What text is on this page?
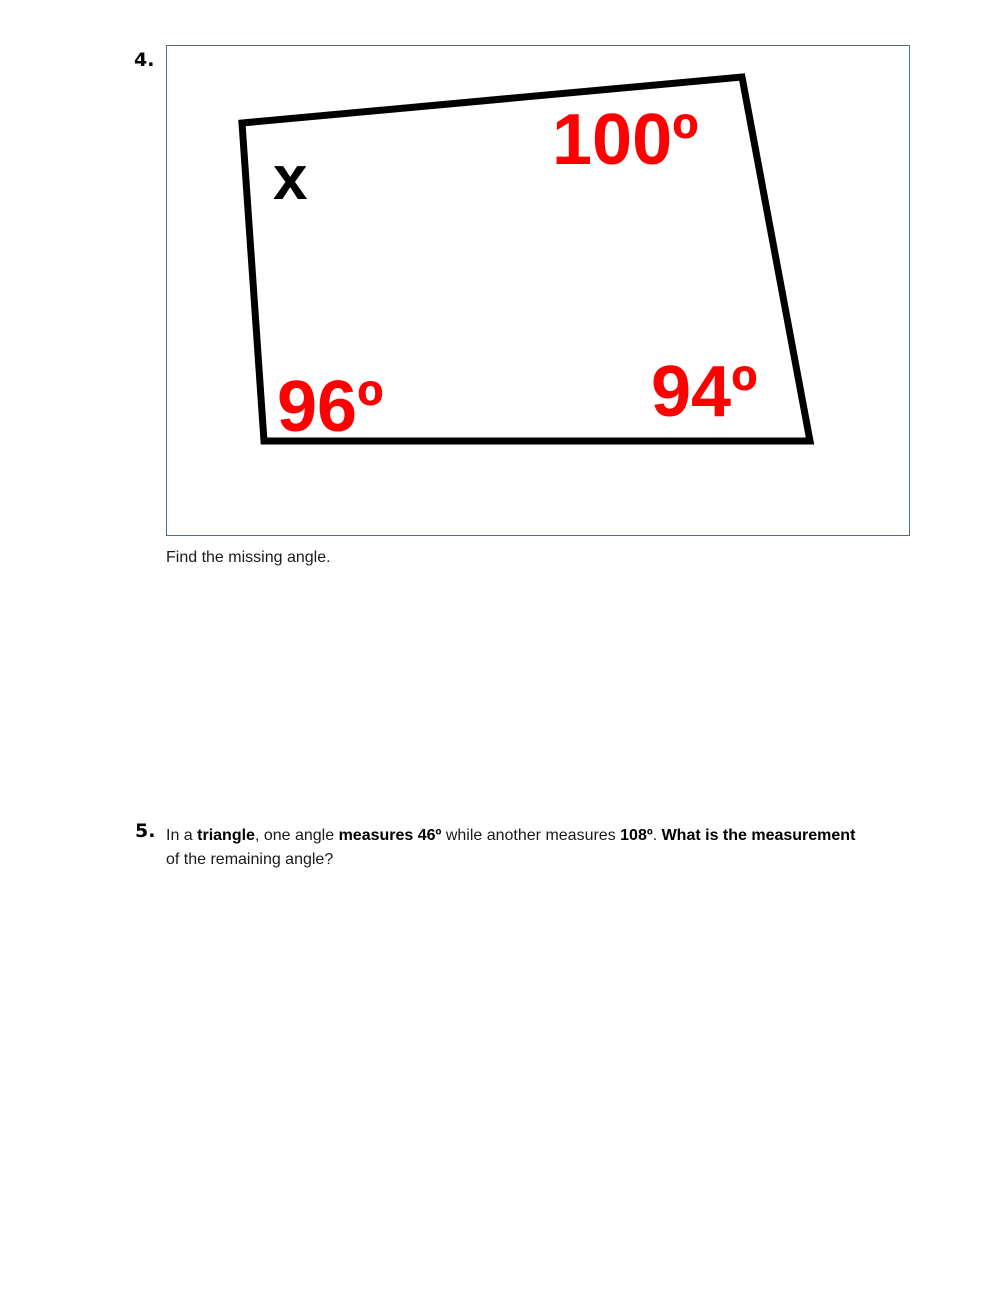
4.
x	100º
96º	94º
Find the missing angle.
5. In a triangle, one angle measures 46º while another measures 108º. What is the measurement of the remaining angle?
